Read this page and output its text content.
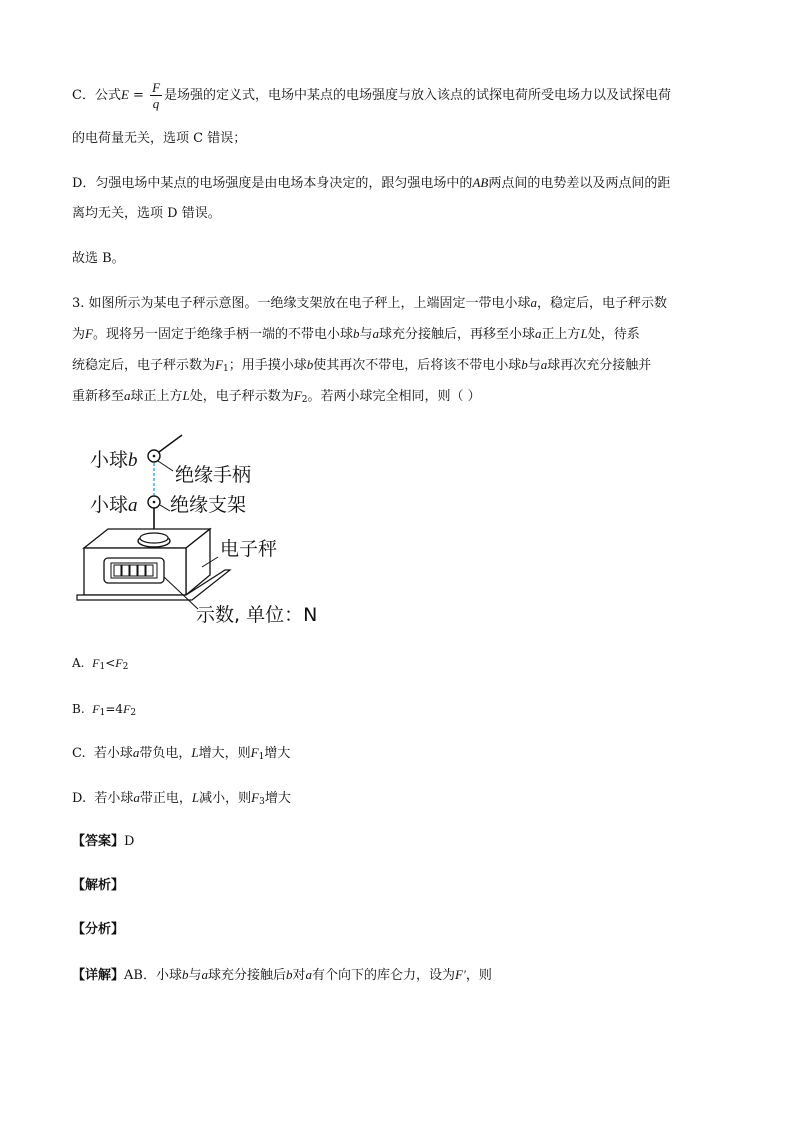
C．公式$E = \frac{F}{q}$ 是场强的定义式，电场中某点的电场强度与放入该点的试探电荷所受电场力以及试探电荷
的电荷量无关，选项 C 错误；
D．匀强电场中某点的电场强度是由电场本身决定的，跟匀强电场中的AB两点间的电势差以及两点间的距
离均无关，选项 D 错误。
故选 B。
3. 如图所示为某电子秤示意图。一绝缘支架放在电子秤上，上端固定一带电小球a，稳定后，电子秤示数
为F。现将另一固定于绝缘手柄一端的不带电小球b与a球充分接触后，再移至小球a正上方L处，待系
统稳定后，电子秤示数为$F_1$；用手摸小球b使其再次不带电，后将该不带电小球b与a球再次充分接触并
重新移至a球正上方L处，电子秤示数为$F_2$。若两小球完全相同，则（ ）
小球b
绝缘手柄
小球a 绝缘支架
电子秤
示数, 单位：N
A. $F_1<F_2$
B. $F_1=4F_2$
C. 若小球a带负电，L增大，则$F_1$增大
D. 若小球a带正电，L减小，则$F_3$增大
【答案】D
【解析】
【分析】
【详解】AB．小球b与a球充分接触后b对a有个向下的库仑力，设为F′，则
